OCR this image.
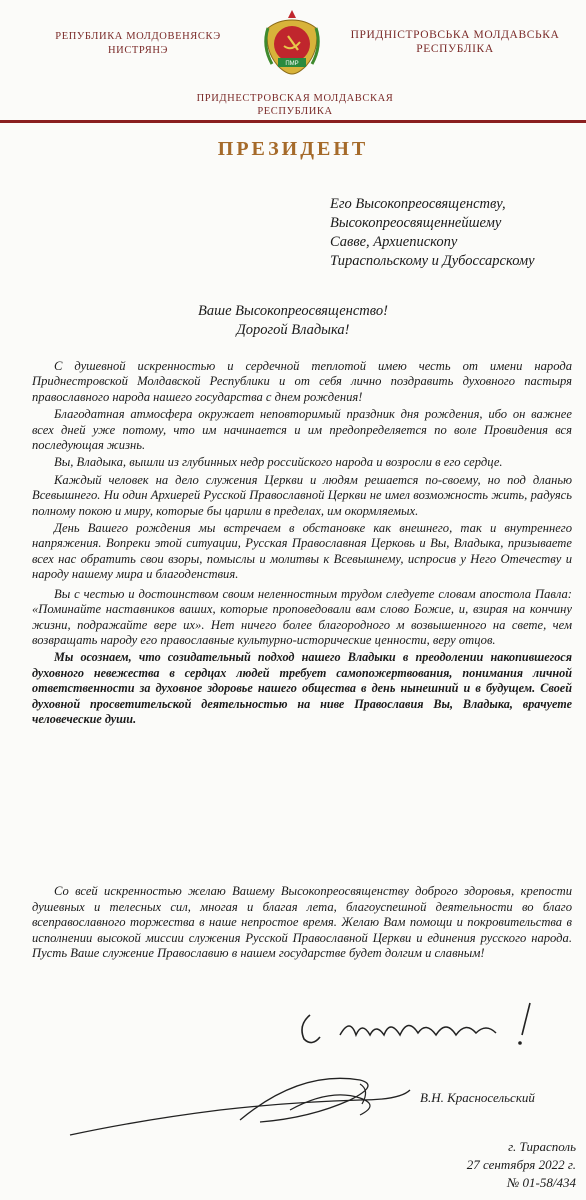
РЕПУБЛИКА МОЛДОВЕНЯСКЭ
НИСТРЯНЭ
ПМР
ПРИДНІСТРОВСЬКА МОЛДАВСЬКА
РЕСПУБЛІКА
ПРИДНЕСТРОВСКАЯ МОЛДАВСКАЯ
РЕСПУБЛИКА
ПРЕЗИДЕНТ
Его Высокопреосвященству,
Высокопреосвященнейшему
Савве, Архиепископу
Тираспольскому и Дубоссарскому
Ваше Высокопреосвященство!
Дорогой Владыка!

С душевной искренностью и сердечной теплотой имею честь от имени народа Приднестровской Молдавской Республики и от себя лично поздравить духовного пастыря православного народа нашего государства с днем рождения!

Благодатная атмосфера окружает неповторимый праздник дня рождения, ибо он важнее всех дней уже потому, что им начинается и им предопределяется по воле Провидения вся последующая жизнь.

Вы, Владыка, вышли из глубинных недр российского народа и возросли в его сердце.

Каждый человек на дело служения Церкви и людям решается по-своему, но под дланью Всевышнего. Ни один Архиерей Русской Православной Церкви не имел возможность жить, радуясь полному покою и миру, которые бы царили в пределах, им окормляемых.

День Вашего рождения мы встречаем в обстановке как внешнего, так и внутреннего напряжения. Вопреки этой ситуации, Русская Православная Церковь и Вы, Владыка, призываете всех нас обратить свои взоры, помыслы и молитвы к Всевышнему, испросив у Него Отечеству и народу нашему мира и благоденствия.

Вы с честью и достоинством своим неленностным трудом следуете словам апостола Павла: «Поминайте наставников ваших, которые проповедовали вам слово Божие, и, взирая на кончину жизни, подражайте вере их». Нет ничего более благородного м возвышенного на свете, чем возвращать народу его православные культурно-исторические ценности, веру отцов.

Мы осознаем, что созидательный подход нашего Владыки в преодолении накопившегося духовного невежества в сердцах людей требует самопожертвования, понимания личной ответственности за духовное здоровье нашего общества в день нынешний и в будущем. Своей духовной просветительской деятельностью на ниве Православия Вы, Владыка, врачуете человеческие души.

Со всей искренностью желаю Вашему Высокопреосвященству доброго здоровья, крепости душевных и телесных сил, многая и благая лета, благоуспешной деятельности во благо всеправославного торжества в наше непростое время. Желаю Вам помощи и покровительства в исполнении высокой миссии служения Русской Православной Церкви и единения русского народа. Пусть Ваше служение Православию в нашем государстве будет долгим и славным!

В.Н. Красносельский
г. Тирасполь
27 сентября 2022 г.
№ 01-58/434
